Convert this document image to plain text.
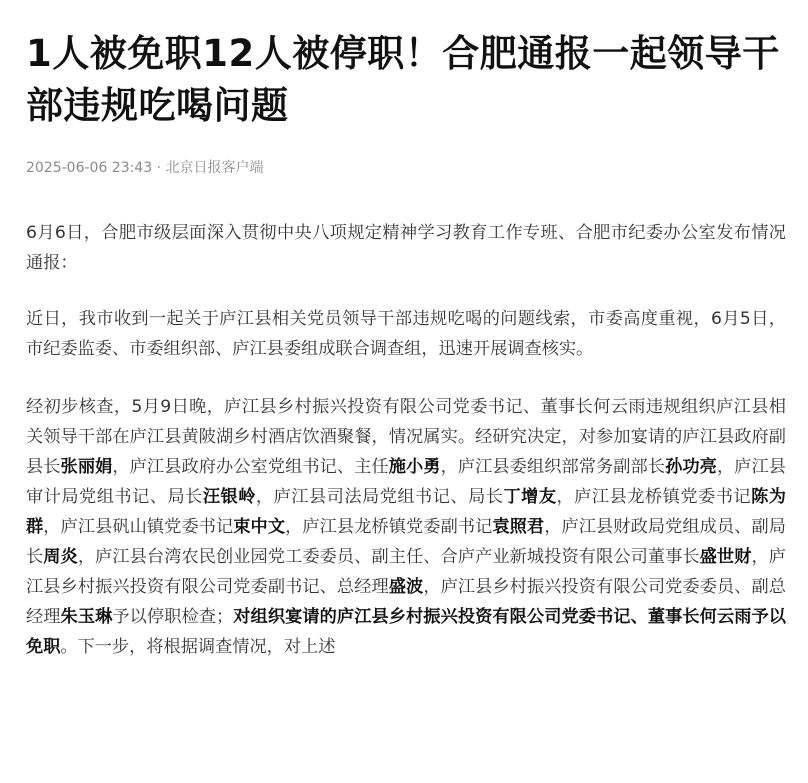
1人被免职12人被停职！合肥通报一起领导干部违规吃喝问题
2025-06-06 23:43 · 北京日报客户端

6月6日，合肥市级层面深入贯彻中央八项规定精神学习教育工作专班、合肥市纪委办公室发布情况通报：

近日，我市收到一起关于庐江县相关党员领导干部违规吃喝的问题线索，市委高度重视，6月5日，市纪委监委、市委组织部、庐江县委组成联合调查组，迅速开展调查核实。

经初步核查，5月9日晚，庐江县乡村振兴投资有限公司党委书记、董事长何云雨违规组织庐江县相关领导干部在庐江县黄陂湖乡村酒店饮酒聚餐，情况属实。经研究决定，对参加宴请的庐江县政府副县长张丽娟，庐江县政府办公室党组书记、主任施小勇，庐江县委组织部常务副部长孙功亮，庐江县审计局党组书记、局长汪银岭，庐江县司法局党组书记、局长丁增友，庐江县龙桥镇党委书记陈为群，庐江县矾山镇党委书记束中文，庐江县龙桥镇党委副书记袁照君，庐江县财政局党组成员、副局长周炎，庐江县台湾农民创业园党工委委员、副主任、合庐产业新城投资有限公司董事长盛世财，庐江县乡村振兴投资有限公司党委副书记、总经理盛波，庐江县乡村振兴投资有限公司党委委员、副总经理朱玉琳予以停职检查；对组织宴请的庐江县乡村振兴投资有限公司党委书记、董事长何云雨予以免职。下一步，将根据调查情况，对上述
